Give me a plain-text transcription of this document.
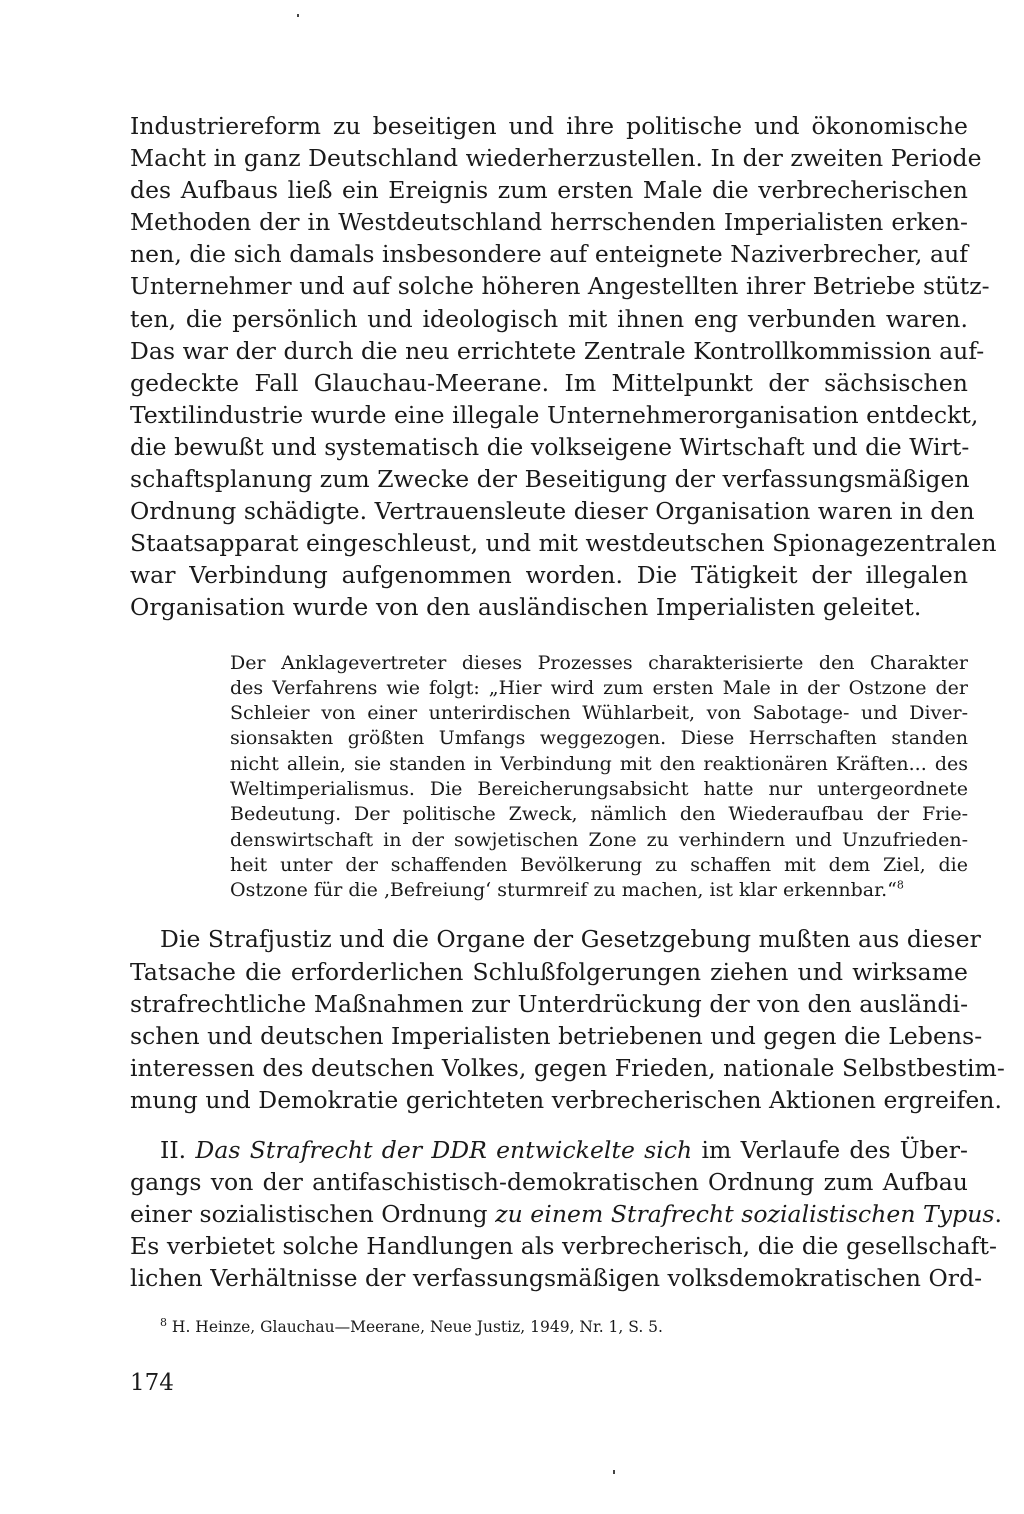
Industriereform zu beseitigen und ihre politische und ökonomische
Macht in ganz Deutschland wiederherzustellen. In der zweiten Periode
des Aufbaus ließ ein Ereignis zum ersten Male die verbrecherischen
Methoden der in Westdeutschland herrschenden Imperialisten erken-
nen, die sich damals insbesondere auf enteignete Naziverbrecher, auf
Unternehmer und auf solche höheren Angestellten ihrer Betriebe stütz-
ten, die persönlich und ideologisch mit ihnen eng verbunden waren.
Das war der durch die neu errichtete Zentrale Kontrollkommission auf-
gedeckte Fall Glauchau-Meerane. Im Mittelpunkt der sächsischen
Textilindustrie wurde eine illegale Unternehmerorganisation entdeckt,
die bewußt und systematisch die volkseigene Wirtschaft und die Wirt-
schaftsplanung zum Zwecke der Beseitigung der verfassungsmäßigen
Ordnung schädigte. Vertrauensleute dieser Organisation waren in den
Staatsapparat eingeschleust, und mit westdeutschen Spionagezentralen
war Verbindung aufgenommen worden. Die Tätigkeit der illegalen
Organisation wurde von den ausländischen Imperialisten geleitet.
Der Anklagevertreter dieses Prozesses charakterisierte den Charakter
des Verfahrens wie folgt: „Hier wird zum ersten Male in der Ostzone der
Schleier von einer unterirdischen Wühlarbeit, von Sabotage- und Diver-
sionsakten größten Umfangs weggezogen. Diese Herrschaften standen
nicht allein, sie standen in Verbindung mit den reaktionären Kräften... des
Weltimperialismus. Die Bereicherungsabsicht hatte nur untergeordnete
Bedeutung. Der politische Zweck, nämlich den Wiederaufbau der Frie-
denswirtschaft in der sowjetischen Zone zu verhindern und Unzufrieden-
heit unter der schaffenden Bevölkerung zu schaffen mit dem Ziel, die
Ostzone für die ‚Befreiung‘ sturmreif zu machen, ist klar erkennbar.“$^8$
Die Strafjustiz und die Organe der Gesetzgebung mußten aus dieser
Tatsache die erforderlichen Schlußfolgerungen ziehen und wirksame
strafrechtliche Maßnahmen zur Unterdrückung der von den ausländi-
schen und deutschen Imperialisten betriebenen und gegen die Lebens-
interessen des deutschen Volkes, gegen Frieden, nationale Selbstbestim-
mung und Demokratie gerichteten verbrecherischen Aktionen ergreifen.
II. Das Strafrecht der DDR entwickelte sich im Verlaufe des Über-
gangs von der antifaschistisch-demokratischen Ordnung zum Aufbau
einer sozialistischen Ordnung zu einem Strafrecht sozialistischen Typus.
Es verbietet solche Handlungen als verbrecherisch, die die gesellschaft-
lichen Verhältnisse der verfassungsmäßigen volksdemokratischen Ord-
$^8$ H. Heinze, Glauchau—Meerane, Neue Justiz, 1949, Nr. 1, S. 5.
174
